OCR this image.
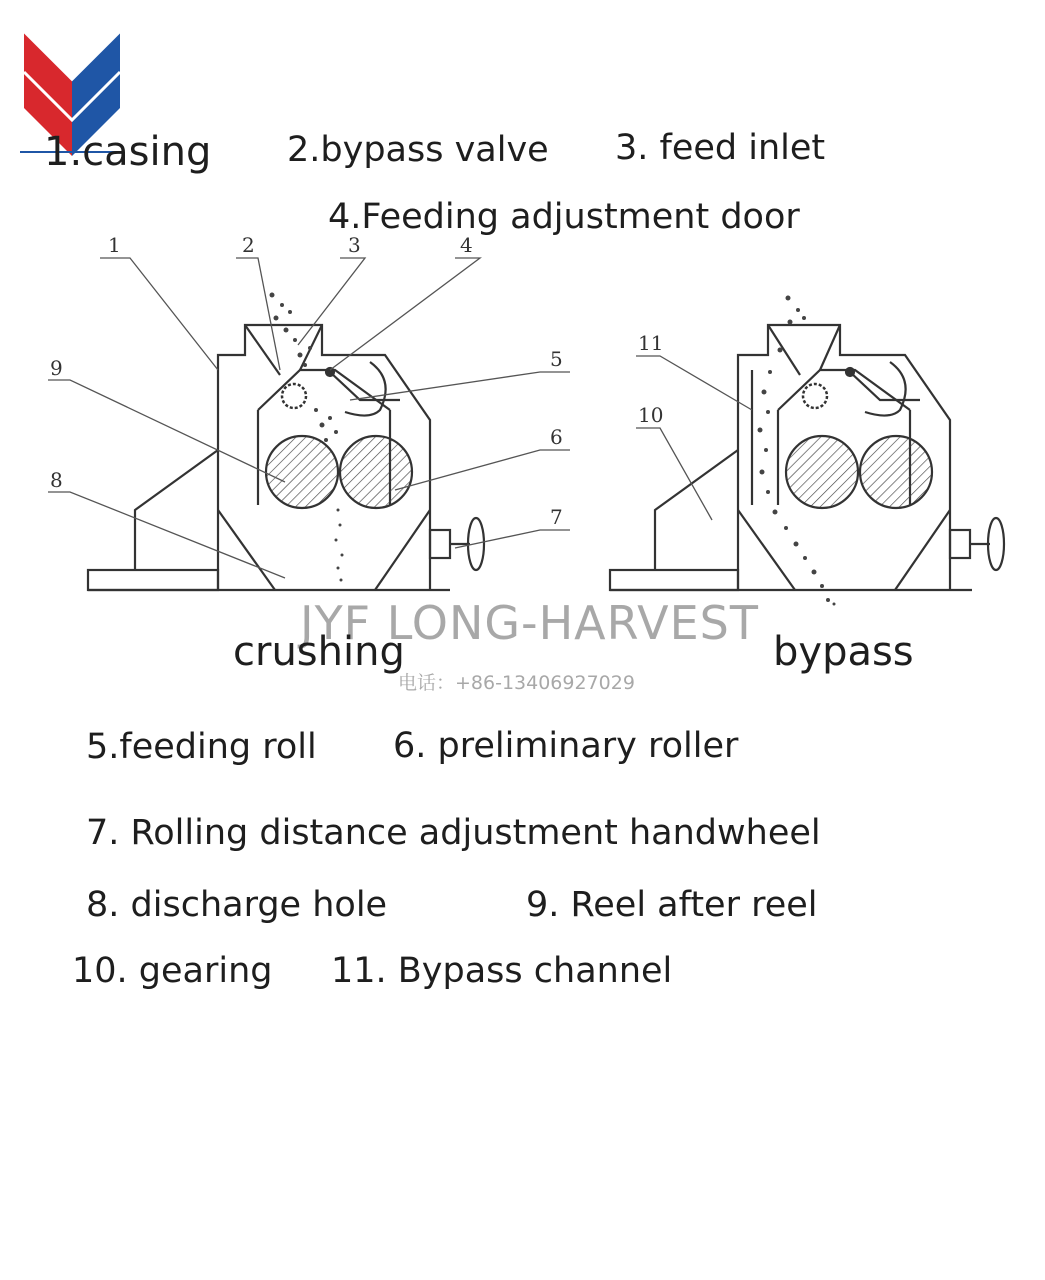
1	2	3	4
5
6
7
9
8
11
10
1.casing 2.bypass valve 3. feed inlet
4.Feeding adjustment door
JYF LONG-HARVEST
电话：+86-13406927029
crushing	bypass
5.feeding roll 6. preliminary roller
7. Rolling distance adjustment handwheel
8. discharge hole	9. Reel after reel
10. gearing 11. Bypass channel
